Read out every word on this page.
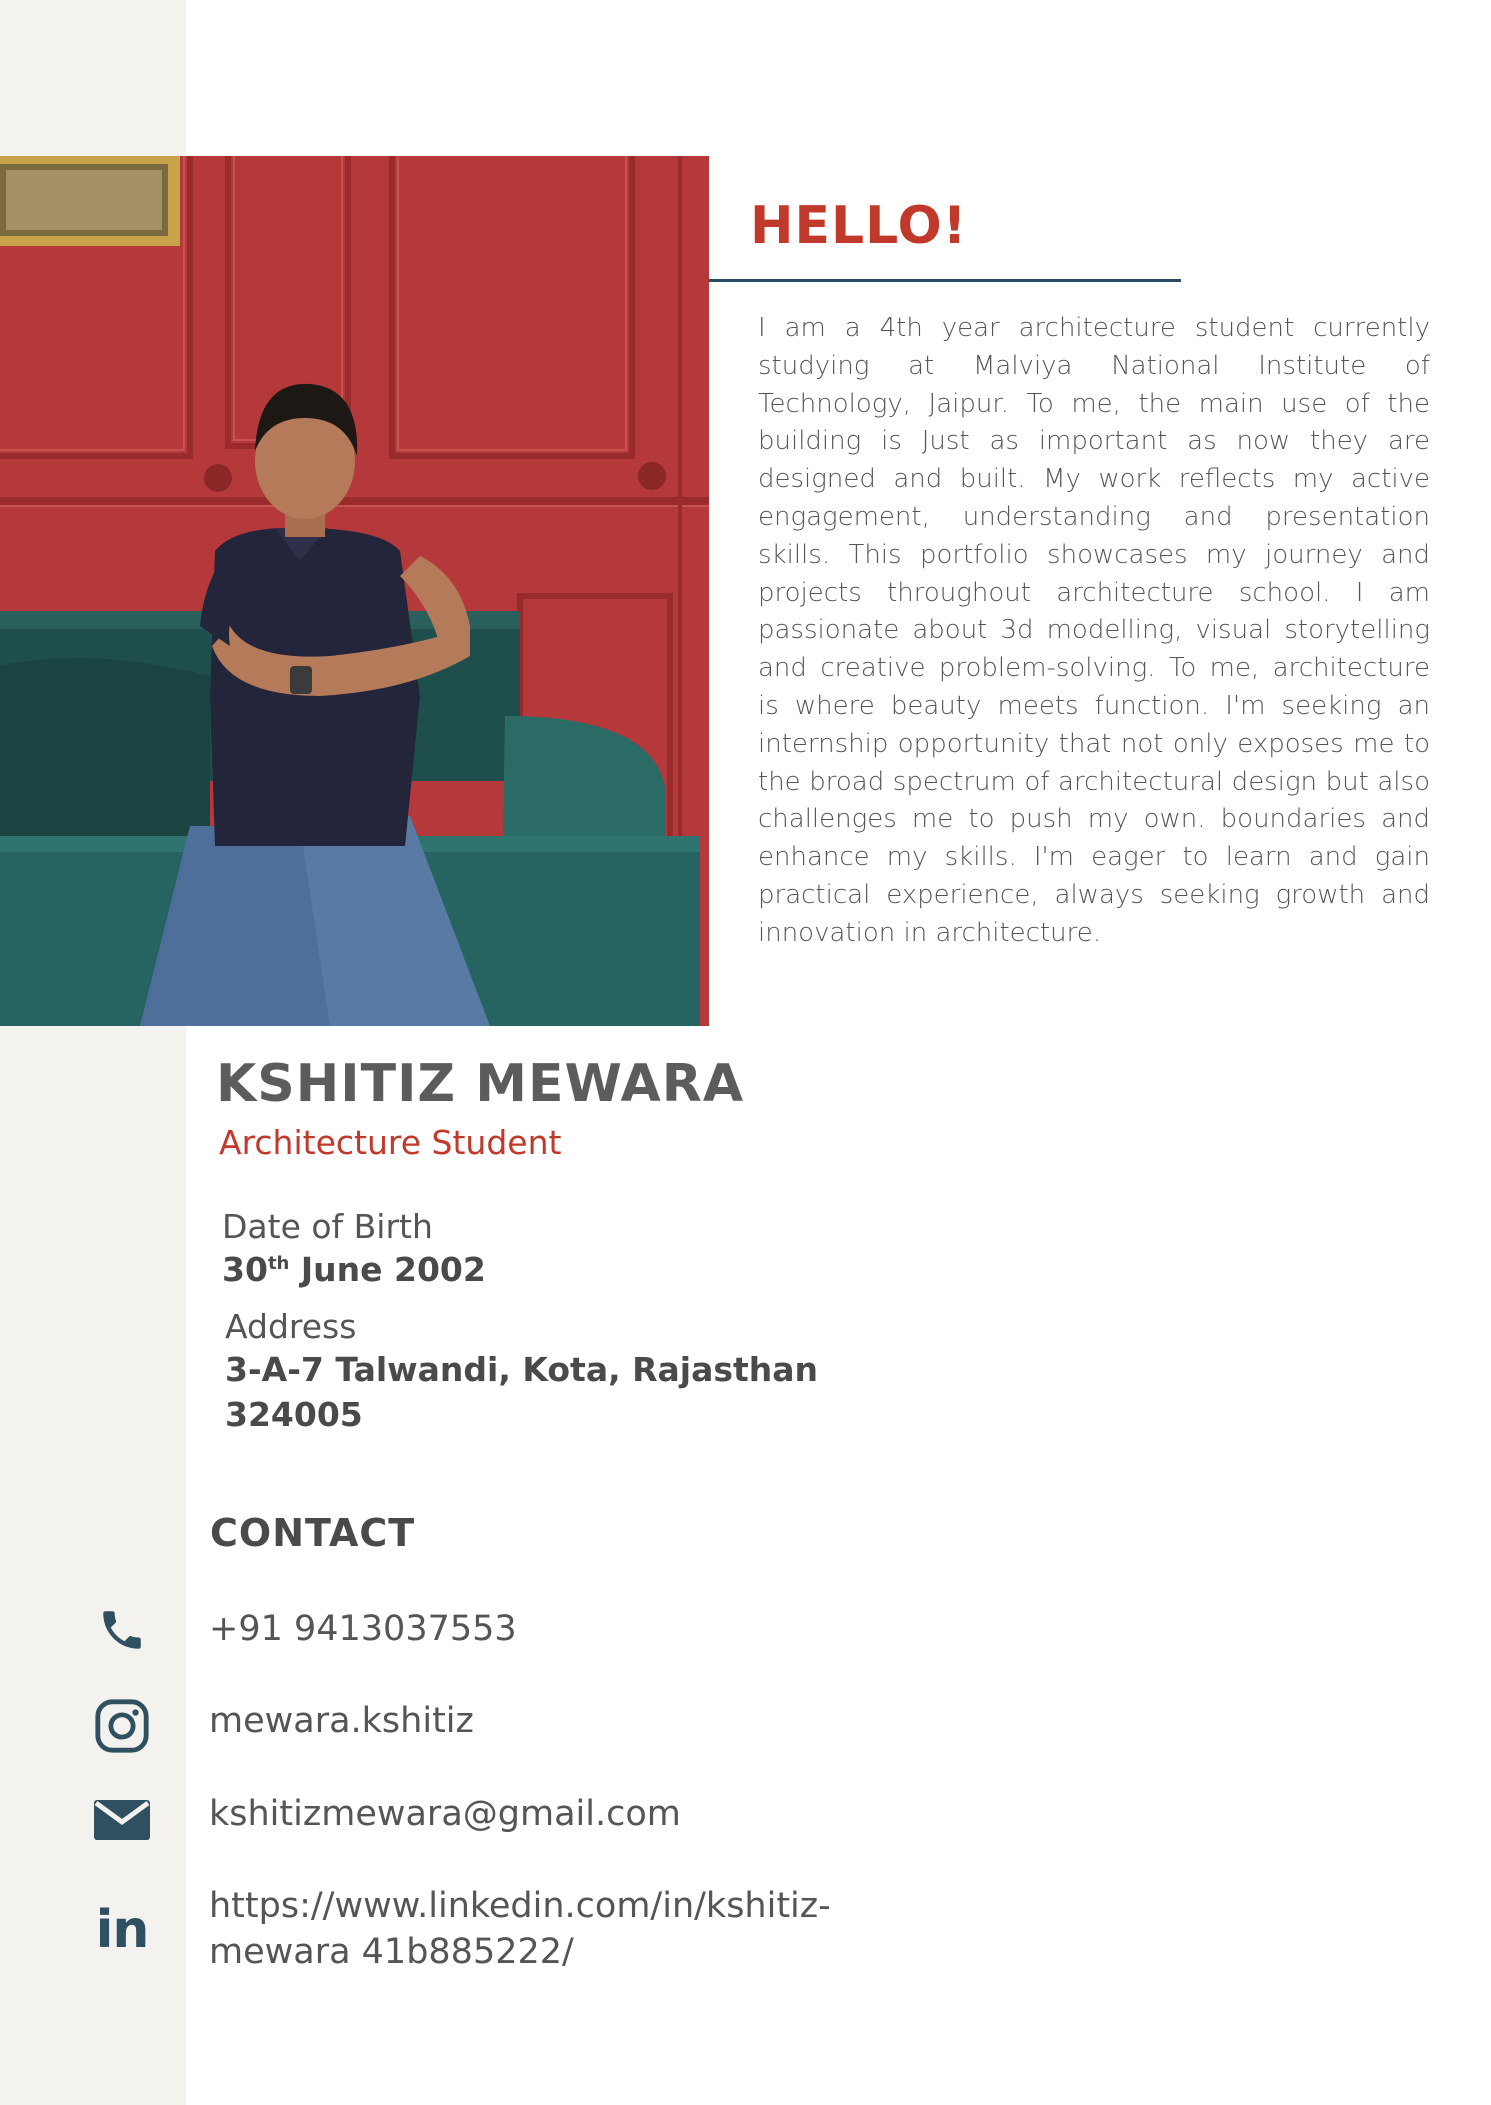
HELLO!

I am a 4th year architecture student currently studying at Malviya National Institute of Technology, Jaipur. To me, the main use of the building is Just as important as now they are designed and built. My work reflects my active engagement, understanding and presentation skills. This portfolio showcases my journey and projects throughout architecture school. I am passionate about 3d modelling, visual storytelling and creative problem-solving. To me, architecture is where beauty meets function. I'm seeking an internship opportunity that not only exposes me to the broad spectrum of architectural design but also challenges me to push my own. boundaries and enhance my skills. I'm eager to learn and gain practical experience, always seeking growth and innovation in architecture.

KSHITIZ MEWARA
Architecture Student
Date of Birth
30th June 2002
Address
3-A-7 Talwandi, Kota, Rajasthan
324005
CONTACT
+91 9413037553
mewara.kshitiz
kshitizmewara@gmail.com
in https://www.linkedin.com/in/kshitiz-mewara 41b885222/
